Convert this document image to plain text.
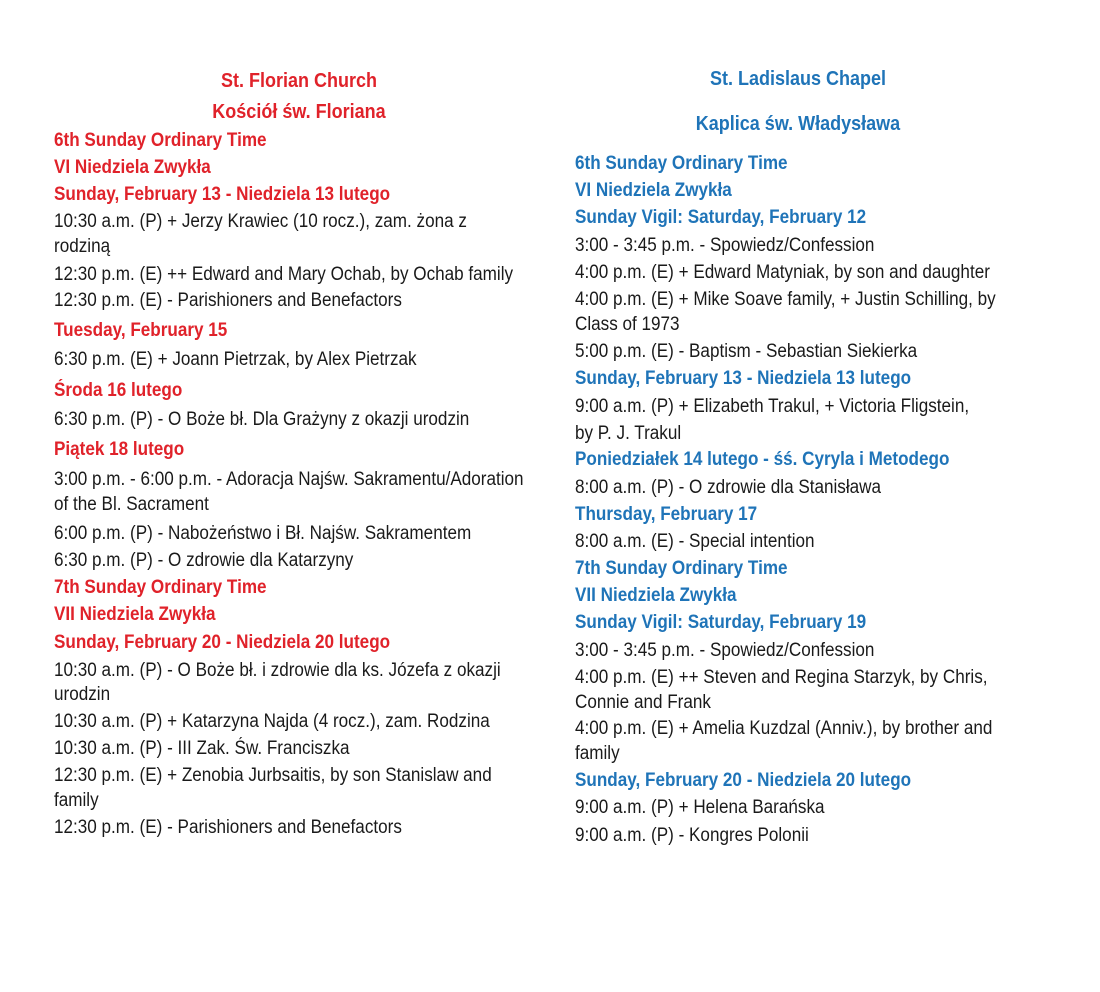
St. Florian Church
Kościół św. Floriana
6th Sunday Ordinary Time
VI Niedziela Zwykła
Sunday, February 13 - Niedziela 13 lutego
10:30 a.m. (P) + Jerzy Krawiec (10 rocz.), zam. żona z
rodziną
12:30 p.m. (E) ++ Edward and Mary Ochab, by Ochab family
12:30 p.m. (E) - Parishioners and Benefactors
Tuesday, February 15
6:30 p.m. (E) + Joann Pietrzak, by Alex Pietrzak
Środa 16 lutego
6:30 p.m. (P) - O Boże bł. Dla Grażyny z okazji urodzin
Piątek 18 lutego
3:00 p.m. - 6:00 p.m. - Adoracja Najśw. Sakramentu/Adoration
of the Bl. Sacrament
6:00 p.m. (P) - Nabożeństwo i Bł. Najśw. Sakramentem
6:30 p.m. (P) - O zdrowie dla Katarzyny
7th Sunday Ordinary Time
VII Niedziela Zwykła
Sunday, February 20 - Niedziela 20 lutego
10:30 a.m. (P) - O Boże bł. i zdrowie dla ks. Józefa z okazji
urodzin
10:30 a.m. (P) + Katarzyna Najda (4 rocz.), zam. Rodzina
10:30 a.m. (P) - III Zak. Św. Franciszka
12:30 p.m. (E) + Zenobia Jurbsaitis, by son Stanislaw and
family
12:30 p.m. (E) - Parishioners and Benefactors
St. Ladislaus Chapel
Kaplica św. Władysława
6th Sunday Ordinary Time
VI Niedziela Zwykła
Sunday Vigil: Saturday, February 12
3:00 - 3:45 p.m. - Spowiedz/Confession
4:00 p.m. (E) + Edward Matyniak, by son and daughter
4:00 p.m. (E) + Mike Soave family, + Justin Schilling, by
Class of 1973
5:00 p.m. (E) - Baptism - Sebastian Siekierka
Sunday, February 13 - Niedziela 13 lutego
9:00 a.m. (P) + Elizabeth Trakul, + Victoria Fligstein,
by P. J. Trakul
Poniedziałek 14 lutego - śś. Cyryla i Metodego
8:00 a.m. (P) - O zdrowie dla Stanisława
Thursday, February 17
8:00 a.m. (E) - Special intention
7th Sunday Ordinary Time
VII Niedziela Zwykła
Sunday Vigil: Saturday, February 19
3:00 - 3:45 p.m. - Spowiedz/Confession
4:00 p.m. (E) ++ Steven and Regina Starzyk, by Chris,
Connie and Frank
4:00 p.m. (E) + Amelia Kuzdzal (Anniv.), by brother and
family
Sunday, February 20 - Niedziela 20 lutego
9:00 a.m. (P) + Helena Barańska
9:00 a.m. (P) - Kongres Polonii
